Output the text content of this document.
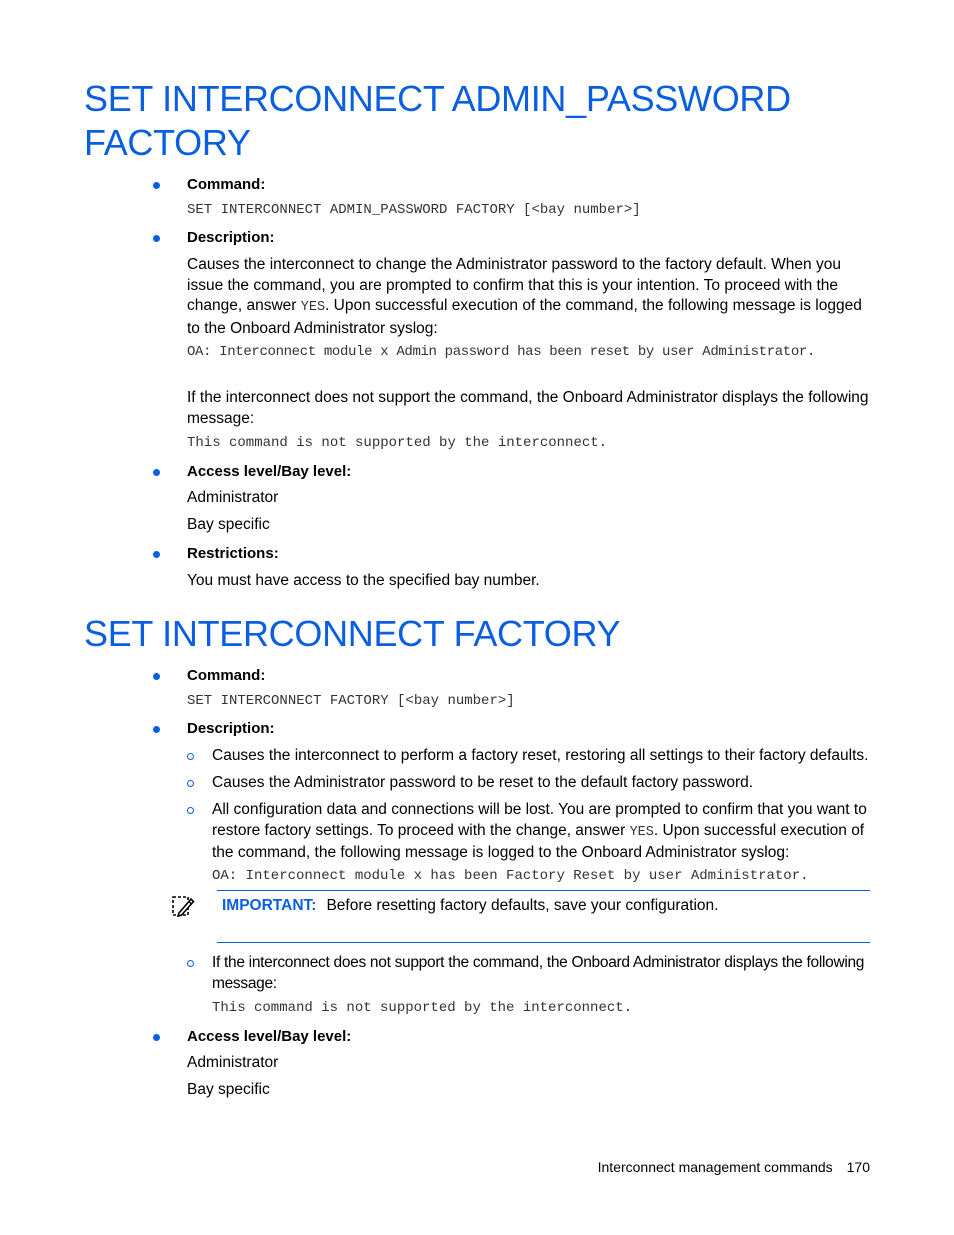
SET INTERCONNECT ADMIN_PASSWORD
FACTORY
Command:
SET INTERCONNECT ADMIN_PASSWORD FACTORY [<bay number>]
Description:
Causes the interconnect to change the Administrator password to the factory default. When you issue the command, you are prompted to confirm that this is your intention. To proceed with the change, answer YES. Upon successful execution of the command, the following message is logged to the Onboard Administrator syslog:
OA: Interconnect module x Admin password has been reset by user Administrator.
If the interconnect does not support the command, the Onboard Administrator displays the following message:
This command is not supported by the interconnect.
Access level/Bay level:
Administrator
Bay specific
Restrictions:
You must have access to the specified bay number.
SET INTERCONNECT FACTORY
Command:
SET INTERCONNECT FACTORY [<bay number>]
Description:
Causes the interconnect to perform a factory reset, restoring all settings to their factory defaults.
Causes the Administrator password to be reset to the default factory password.
All configuration data and connections will be lost. You are prompted to confirm that you want to restore factory settings. To proceed with the change, answer YES. Upon successful execution of the command, the following message is logged to the Onboard Administrator syslog:
OA: Interconnect module x has been Factory Reset by user Administrator.
IMPORTANT: Before resetting factory defaults, save your configuration.
If the interconnect does not support the command, the Onboard Administrator displays the following message:
This command is not supported by the interconnect.
Access level/Bay level:
Administrator
Bay specific
Interconnect management commands 170
